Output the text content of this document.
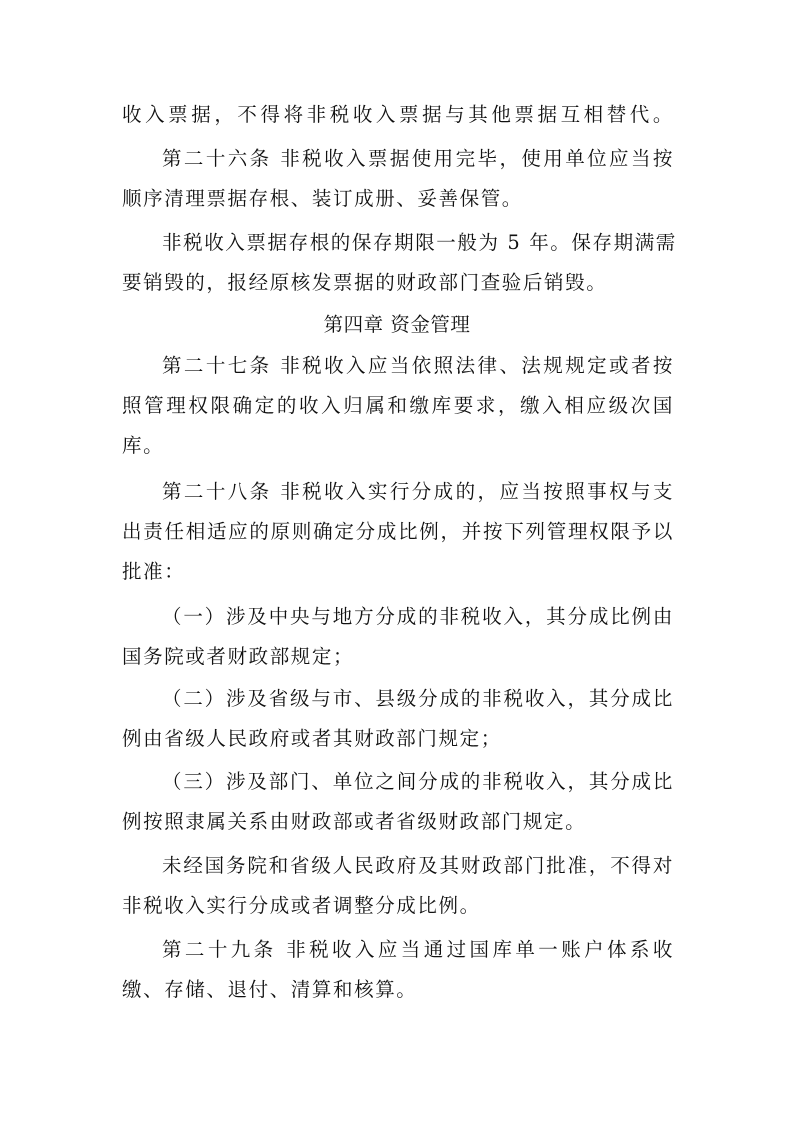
收入票据，不得将非税收入票据与其他票据互相替代。
第二十六条 非税收入票据使用完毕，使用单位应当按
顺序清理票据存根、装订成册、妥善保管。
非税收入票据存根的保存期限一般为 5 年。保存期满需
要销毁的，报经原核发票据的财政部门查验后销毁。
第四章 资金管理
第二十七条 非税收入应当依照法律、法规规定或者按
照管理权限确定的收入归属和缴库要求，缴入相应级次国
库。
第二十八条 非税收入实行分成的，应当按照事权与支
出责任相适应的原则确定分成比例，并按下列管理权限予以
批准：
（一）涉及中央与地方分成的非税收入，其分成比例由
国务院或者财政部规定；
（二）涉及省级与市、县级分成的非税收入，其分成比
例由省级人民政府或者其财政部门规定；
（三）涉及部门、单位之间分成的非税收入，其分成比
例按照隶属关系由财政部或者省级财政部门规定。
未经国务院和省级人民政府及其财政部门批准，不得对
非税收入实行分成或者调整分成比例。
第二十九条 非税收入应当通过国库单一账户体系收
缴、存储、退付、清算和核算。
